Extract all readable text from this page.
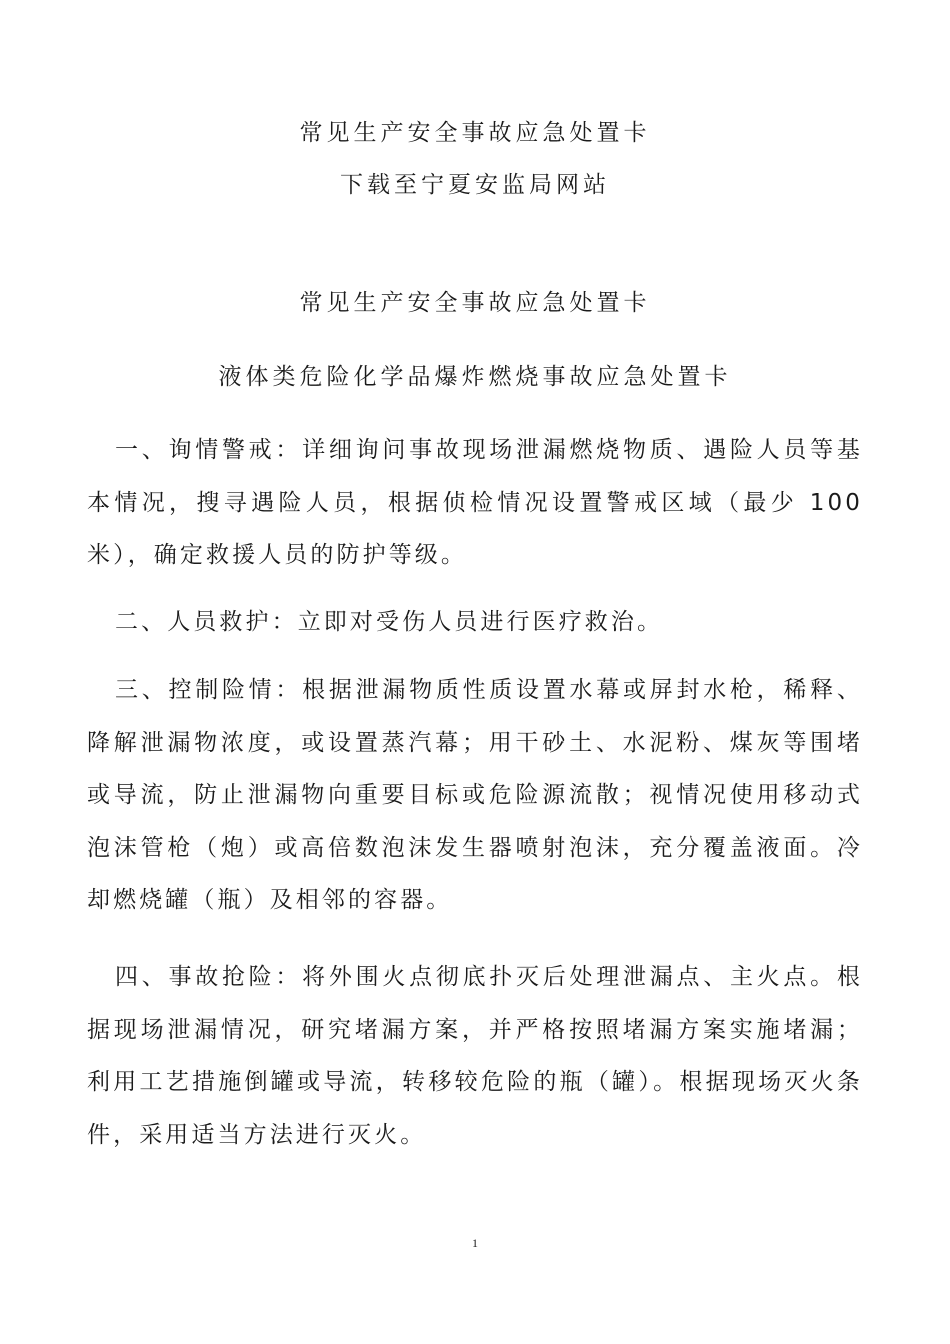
常见生产安全事故应急处置卡
下载至宁夏安监局网站
常见生产安全事故应急处置卡
液体类危险化学品爆炸燃烧事故应急处置卡

一、询情警戒：详细询问事故现场泄漏燃烧物质、遇险人员等基本情况，搜寻遇险人员，根据侦检情况设置警戒区域（最少 100 米），确定救援人员的防护等级。

二、人员救护：立即对受伤人员进行医疗救治。

三、控制险情：根据泄漏物质性质设置水幕或屏封水枪，稀释、降解泄漏物浓度，或设置蒸汽幕；用干砂土、水泥粉、煤灰等围堵或导流，防止泄漏物向重要目标或危险源流散；视情况使用移动式泡沫管枪（炮）或高倍数泡沫发生器喷射泡沫，充分覆盖液面。冷却燃烧罐（瓶）及相邻的容器。

四、事故抢险：将外围火点彻底扑灭后处理泄漏点、主火点。根据现场泄漏情况，研究堵漏方案，并严格按照堵漏方案实施堵漏；利用工艺措施倒罐或导流，转移较危险的瓶（罐）。根据现场灭火条件，采用适当方法进行灭火。

1
